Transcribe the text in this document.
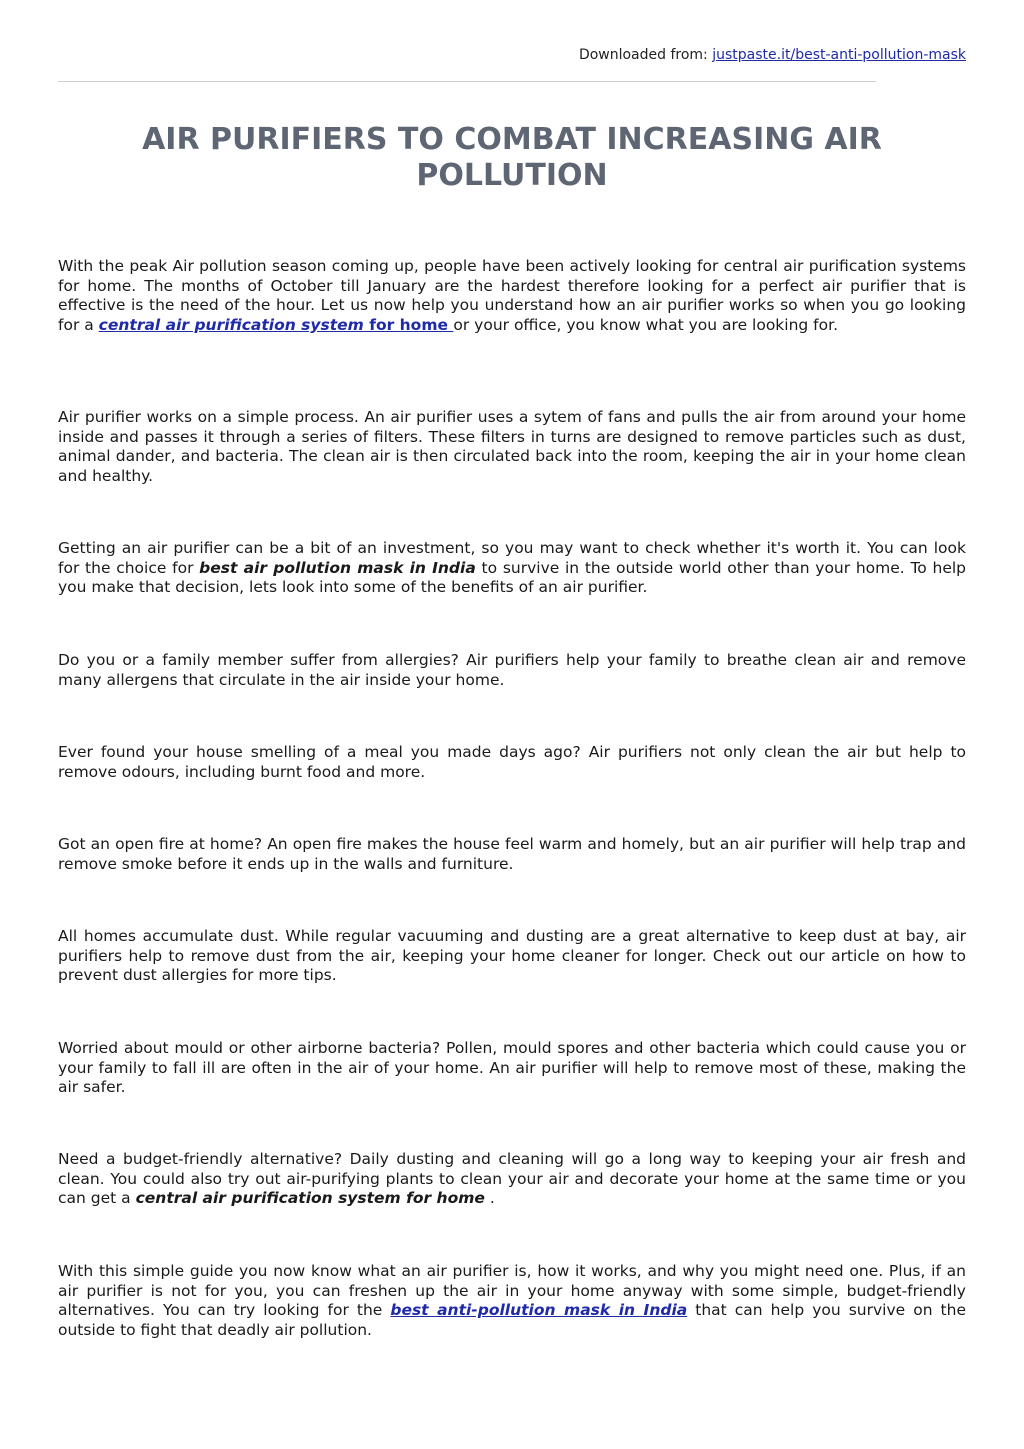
Downloaded from: justpaste.it/best-anti-pollution-mask
AIR PURIFIERS TO COMBAT INCREASING AIR POLLUTION

With the peak Air pollution season coming up, people have been actively looking for central air purification systems for home. The months of October till January are the hardest therefore looking for a perfect air purifier that is effective is the need of the hour. Let us now help you understand how an air purifier works so when you go looking for a central air purification system for home or your office, you know what you are looking for.

Air purifier works on a simple process. An air purifier uses a sytem of fans and pulls the air from around your home inside and passes it through a series of filters. These filters in turns are designed to remove particles such as dust, animal dander, and bacteria. The clean air is then circulated back into the room, keeping the air in your home clean and healthy.

Getting an air purifier can be a bit of an investment, so you may want to check whether it's worth it. You can look for the choice for best air pollution mask in India to survive in the outside world other than your home. To help you make that decision, lets look into some of the benefits of an air purifier.

Do you or a family member suffer from allergies? Air purifiers help your family to breathe clean air and remove many allergens that circulate in the air inside your home.

Ever found your house smelling of a meal you made days ago? Air purifiers not only clean the air but help to remove odours, including burnt food and more.

Got an open fire at home? An open fire makes the house feel warm and homely, but an air purifier will help trap and remove smoke before it ends up in the walls and furniture.

All homes accumulate dust. While regular vacuuming and dusting are a great alternative to keep dust at bay, air purifiers help to remove dust from the air, keeping your home cleaner for longer. Check out our article on how to prevent dust allergies for more tips.

Worried about mould or other airborne bacteria? Pollen, mould spores and other bacteria which could cause you or your family to fall ill are often in the air of your home. An air purifier will help to remove most of these, making the air safer.

Need a budget-friendly alternative? Daily dusting and cleaning will go a long way to keeping your air fresh and clean. You could also try out air-purifying plants to clean your air and decorate your home at the same time or you can get a central air purification system for home .

With this simple guide you now know what an air purifier is, how it works, and why you might need one. Plus, if an air purifier is not for you, you can freshen up the air in your home anyway with some simple, budget-friendly alternatives. You can try looking for the best anti-pollution mask in India that can help you survive on the outside to fight that deadly air pollution.
